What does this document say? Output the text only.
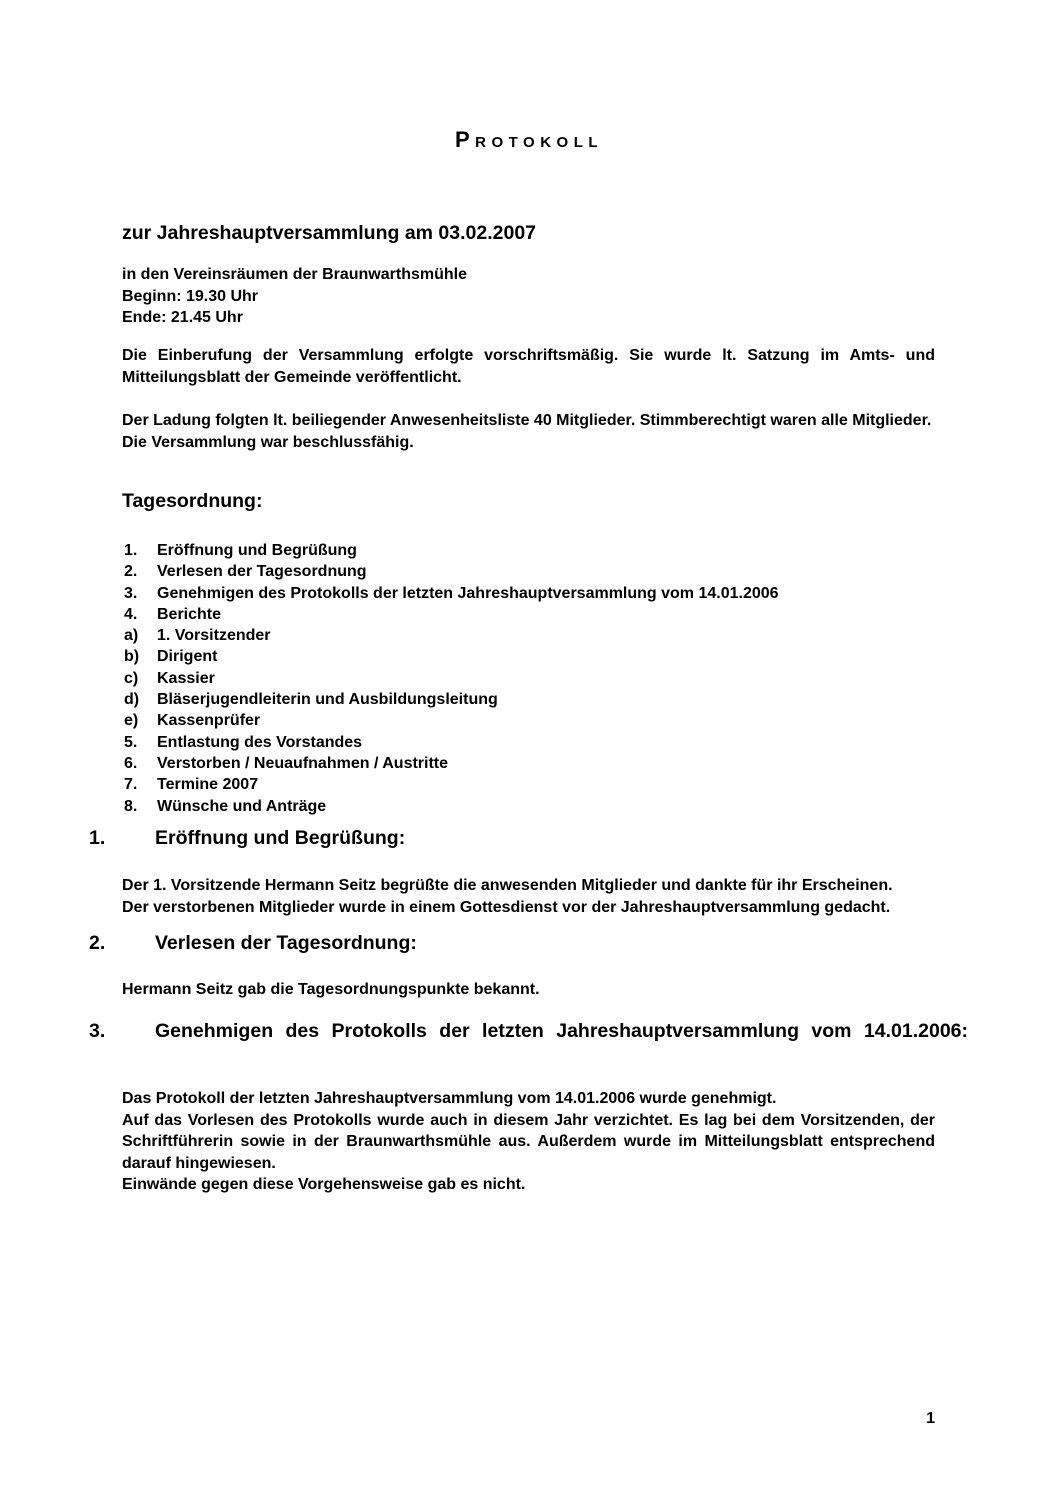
Protokoll
zur Jahreshauptversammlung am 03.02.2007
in den Vereinsräumen der Braunwarthsmühle
Beginn: 19.30 Uhr
Ende: 21.45 Uhr
Die Einberufung der Versammlung erfolgte vorschriftsmäßig. Sie wurde lt. Satzung im Amts- und Mitteilungsblatt der Gemeinde veröffentlicht.
Der Ladung folgten lt. beiliegender Anwesenheitsliste 40 Mitglieder. Stimmberechtigt waren alle Mitglieder.
Die Versammlung war beschlussfähig.
Tagesordnung:
1.	Eröffnung und Begrüßung
2.	Verlesen der Tagesordnung
3.	Genehmigen des Protokolls der letzten Jahreshauptversammlung vom 14.01.2006
4.	Berichte
a)	1. Vorsitzender
b)	Dirigent
c)	Kassier
d)	Bläserjugendleiterin und Ausbildungsleitung
e)	Kassenprüfer
5.	Entlastung des Vorstandes
6.	Verstorben / Neuaufnahmen / Austritte
7.	Termine 2007
8.	Wünsche und Anträge
1.	Eröffnung und Begrüßung:
Der 1. Vorsitzende Hermann Seitz begrüßte die anwesenden Mitglieder und dankte für ihr Erscheinen.
Der verstorbenen Mitglieder wurde in einem Gottesdienst vor der Jahreshauptversammlung gedacht.
2.	Verlesen der Tagesordnung:
Hermann Seitz gab die Tagesordnungspunkte bekannt.
3.	Genehmigen des Protokolls der letzten Jahreshauptversammlung vom 14.01.2006:
Das Protokoll der letzten Jahreshauptversammlung vom 14.01.2006 wurde genehmigt.
Auf das Vorlesen des Protokolls wurde auch in diesem Jahr verzichtet. Es lag bei dem Vorsitzenden, der Schriftführerin sowie in der Braunwarthsmühle aus. Außerdem wurde im Mitteilungsblatt entsprechend darauf hingewiesen.
Einwände gegen diese Vorgehensweise gab es nicht.
1
